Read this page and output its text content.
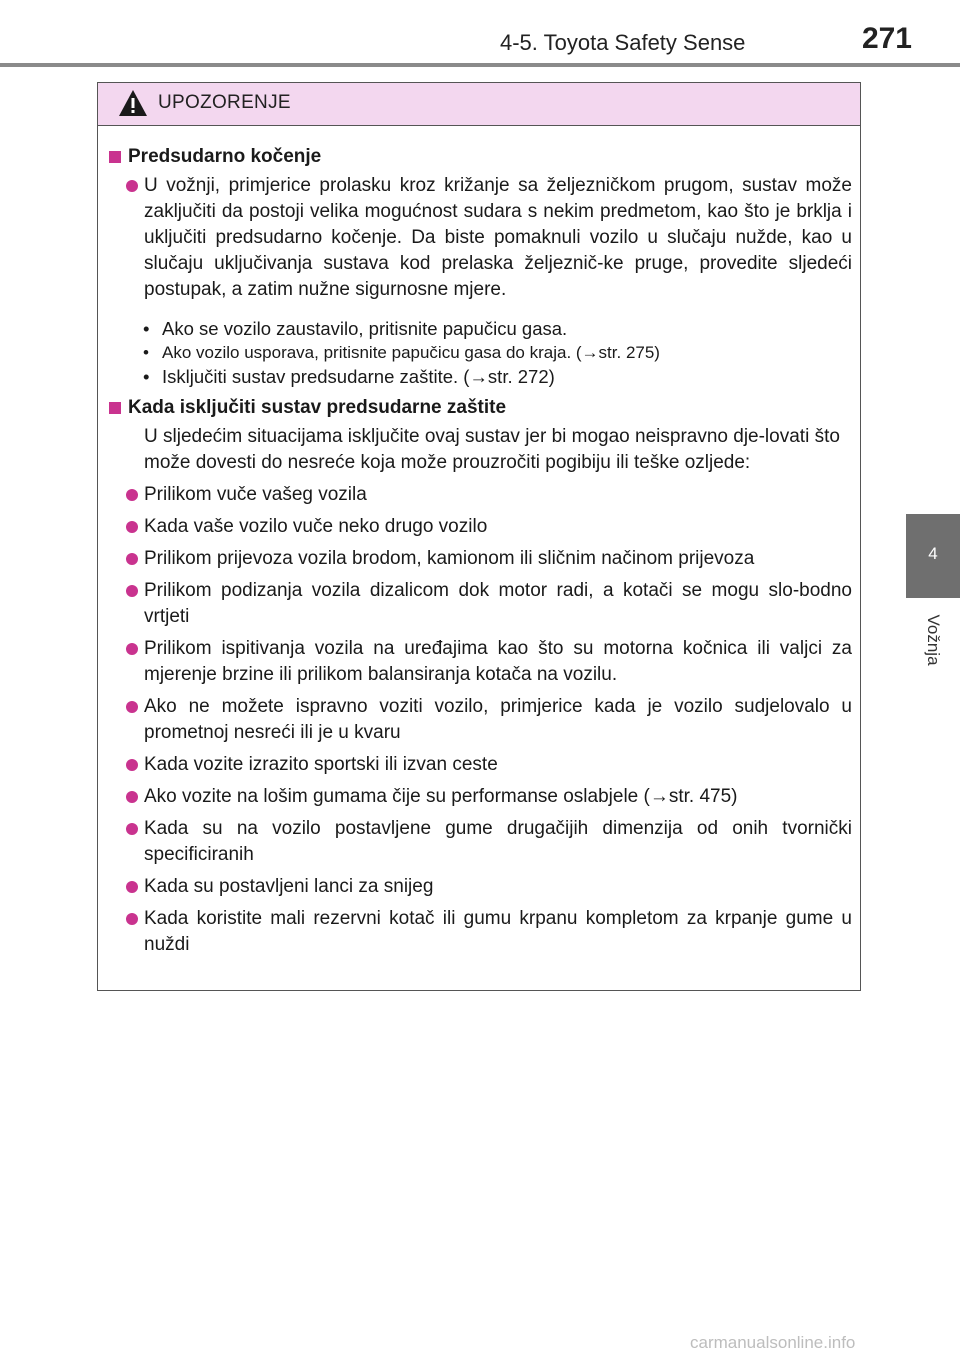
4-5. Toyota Safety Sense	271
4
Vožnja
UPOZORENJE
Predsudarno kočenje
U vožnji, primjerice prolasku kroz križanje sa željezničkom prugom, sustav može zaključiti da postoji velika mogućnost sudara s nekim predmetom, kao što je brklja i uključiti predsudarno kočenje. Da biste pomaknuli vozilo u slučaju nužde, kao u slučaju uključivanja sustava kod prelaska željeznič-ke pruge, provedite sljedeći postupak, a zatim nužne sigurnosne mjere.
• Ako se vozilo zaustavilo, pritisnite papučicu gasa.
• Ako vozilo usporava, pritisnite papučicu gasa do kraja. (→str. 275)
• Isključiti sustav predsudarne zaštite. (→str. 272)
Kada isključiti sustav predsudarne zaštite
U sljedećim situacijama isključite ovaj sustav jer bi mogao neispravno dje-lovati što može dovesti do nesreće koja može prouzročiti pogibiju ili teške ozljede:
Prilikom vuče vašeg vozila
Kada vaše vozilo vuče neko drugo vozilo
Prilikom prijevoza vozila brodom, kamionom ili sličnim načinom prijevoza
Prilikom podizanja vozila dizalicom dok motor radi, a kotači se mogu slo-bodno vrtjeti
Prilikom ispitivanja vozila na uređajima kao što su motorna kočnica ili valjci za mjerenje brzine ili prilikom balansiranja kotača na vozilu.
Ako ne možete ispravno voziti vozilo, primjerice kada je vozilo sudjelovalo u prometnoj nesreći ili je u kvaru
Kada vozite izrazito sportski ili izvan ceste
Ako vozite na lošim gumama čije su performanse oslabjele (→str. 475)
Kada su na vozilo postavljene gume drugačijih dimenzija od onih tvornički specificiranih
Kada su postavljeni lanci za snijeg
Kada koristite mali rezervni kotač ili gumu krpanu kompletom za krpanje gume u nuždi
carmanualsonline.info
